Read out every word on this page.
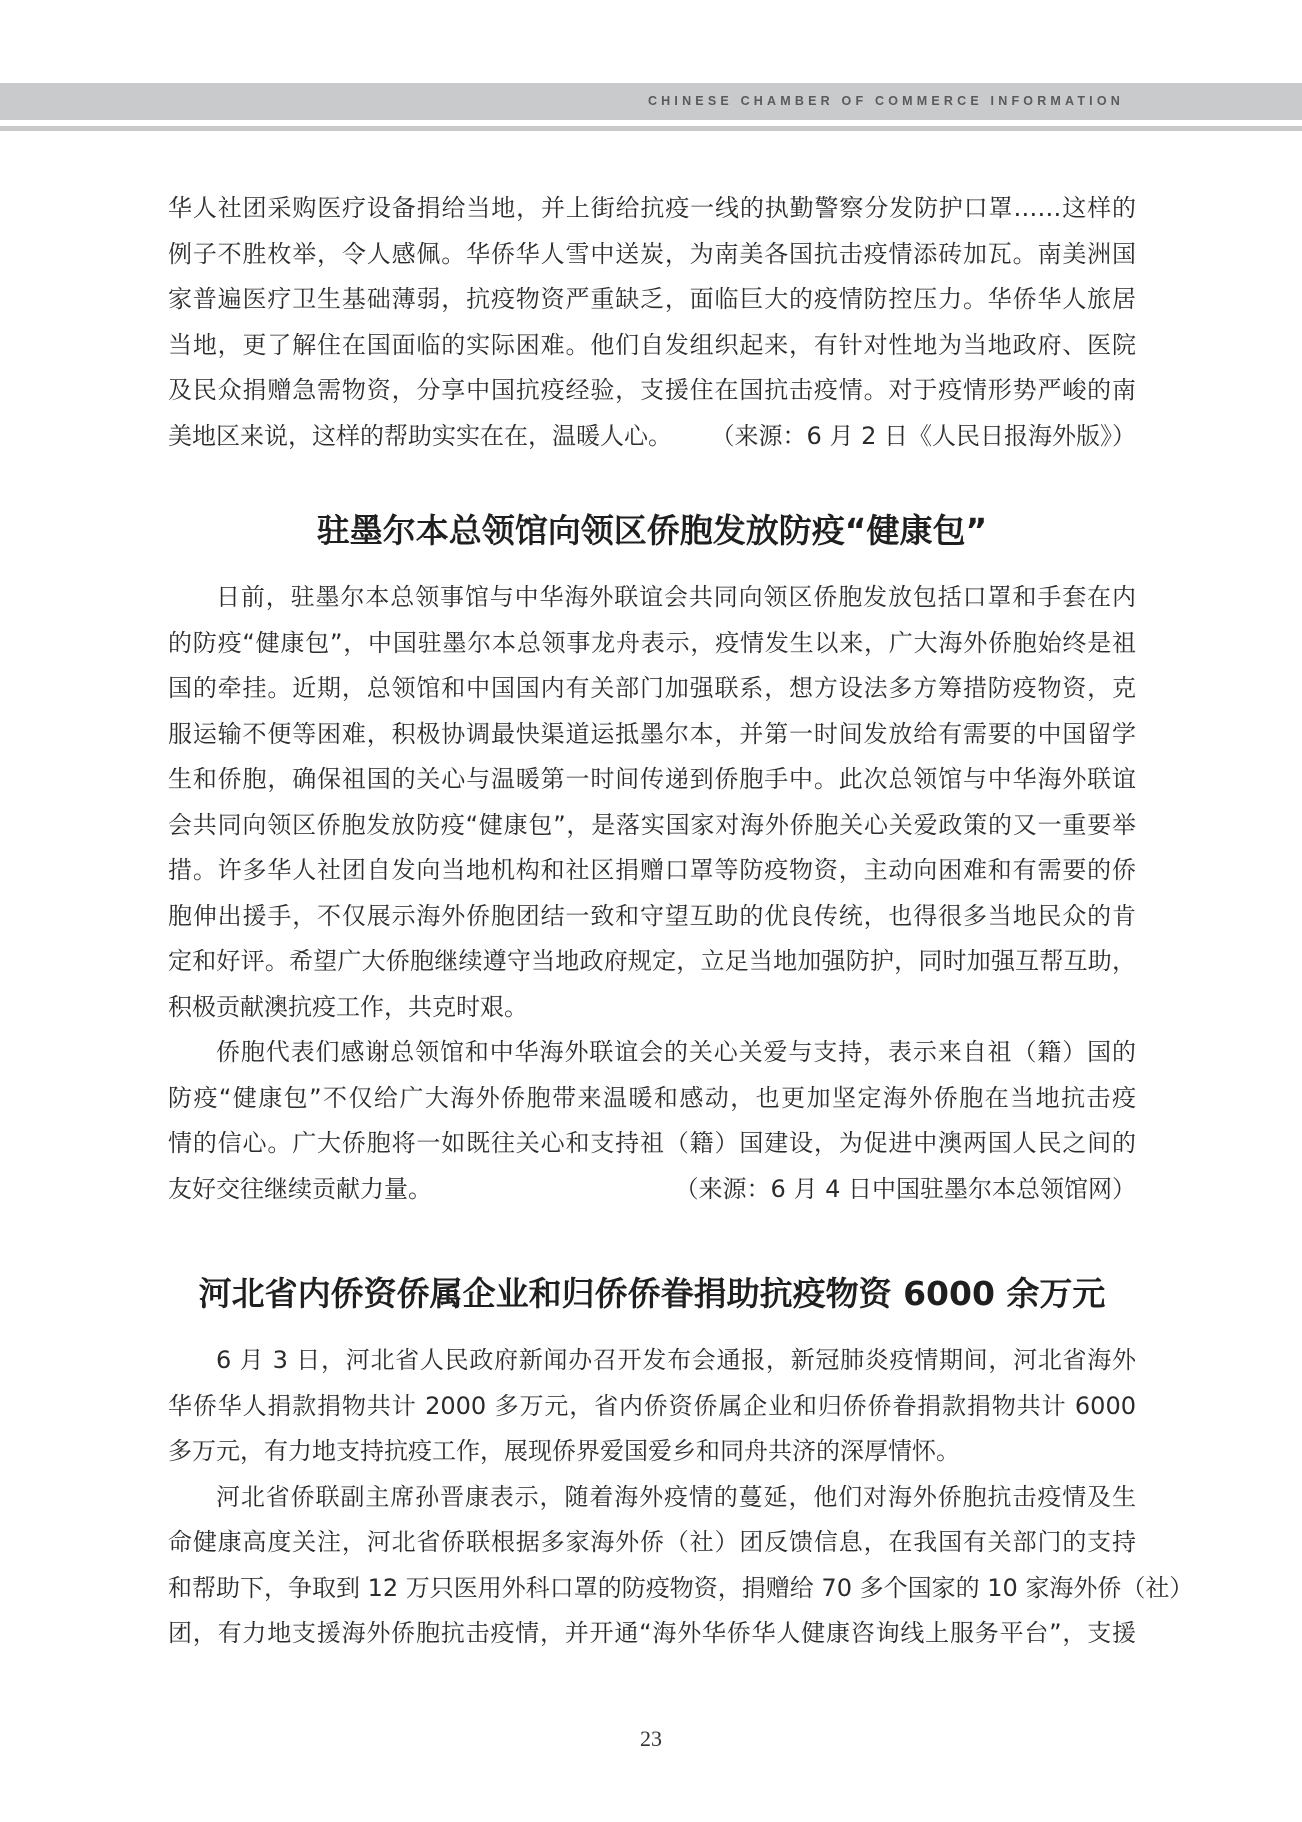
CHINESE CHAMBER OF COMMERCE INFORMATION
华人社团采购医疗设备捐给当地，并上街给抗疫一线的执勤警察分发防护口罩……这样的
例子不胜枚举，令人感佩。华侨华人雪中送炭，为南美各国抗击疫情添砖加瓦。南美洲国
家普遍医疗卫生基础薄弱，抗疫物资严重缺乏，面临巨大的疫情防控压力。华侨华人旅居
当地，更了解住在国面临的实际困难。他们自发组织起来，有针对性地为当地政府、医院
及民众捐赠急需物资，分享中国抗疫经验，支援住在国抗击疫情。对于疫情形势严峻的南
美地区来说，这样的帮助实实在在，温暖人心。 （来源：6 月 2 日《人民日报海外版》）
驻墨尔本总领馆向领区侨胞发放防疫“健康包”
日前，驻墨尔本总领事馆与中华海外联谊会共同向领区侨胞发放包括口罩和手套在内
的防疫“健康包”，中国驻墨尔本总领事龙舟表示，疫情发生以来，广大海外侨胞始终是祖
国的牵挂。近期，总领馆和中国国内有关部门加强联系，想方设法多方筹措防疫物资，克
服运输不便等困难，积极协调最快渠道运抵墨尔本，并第一时间发放给有需要的中国留学
生和侨胞，确保祖国的关心与温暖第一时间传递到侨胞手中。此次总领馆与中华海外联谊
会共同向领区侨胞发放防疫“健康包”，是落实国家对海外侨胞关心关爱政策的又一重要举
措。许多华人社团自发向当地机构和社区捐赠口罩等防疫物资，主动向困难和有需要的侨
胞伸出援手，不仅展示海外侨胞团结一致和守望互助的优良传统，也得很多当地民众的肯
定和好评。希望广大侨胞继续遵守当地政府规定，立足当地加强防护，同时加强互帮互助，
积极贡献澳抗疫工作，共克时艰。
侨胞代表们感谢总领馆和中华海外联谊会的关心关爱与支持，表示来自祖（籍）国的
防疫“健康包”不仅给广大海外侨胞带来温暖和感动，也更加坚定海外侨胞在当地抗击疫
情的信心。广大侨胞将一如既往关心和支持祖（籍）国建设，为促进中澳两国人民之间的
友好交往继续贡献力量。	（来源：6 月 4 日中国驻墨尔本总领馆网）
河北省内侨资侨属企业和归侨侨眷捐助抗疫物资 6000 余万元
6 月 3 日，河北省人民政府新闻办召开发布会通报，新冠肺炎疫情期间，河北省海外
华侨华人捐款捐物共计 2000 多万元，省内侨资侨属企业和归侨侨眷捐款捐物共计 6000
多万元，有力地支持抗疫工作，展现侨界爱国爱乡和同舟共济的深厚情怀。
河北省侨联副主席孙晋康表示，随着海外疫情的蔓延，他们对海外侨胞抗击疫情及生
命健康高度关注，河北省侨联根据多家海外侨（社）团反馈信息，在我国有关部门的支持
和帮助下，争取到 12 万只医用外科口罩的防疫物资，捐赠给 70 多个国家的 10 家海外侨（社）
团，有力地支援海外侨胞抗击疫情，并开通“海外华侨华人健康咨询线上服务平台”，支援
23
